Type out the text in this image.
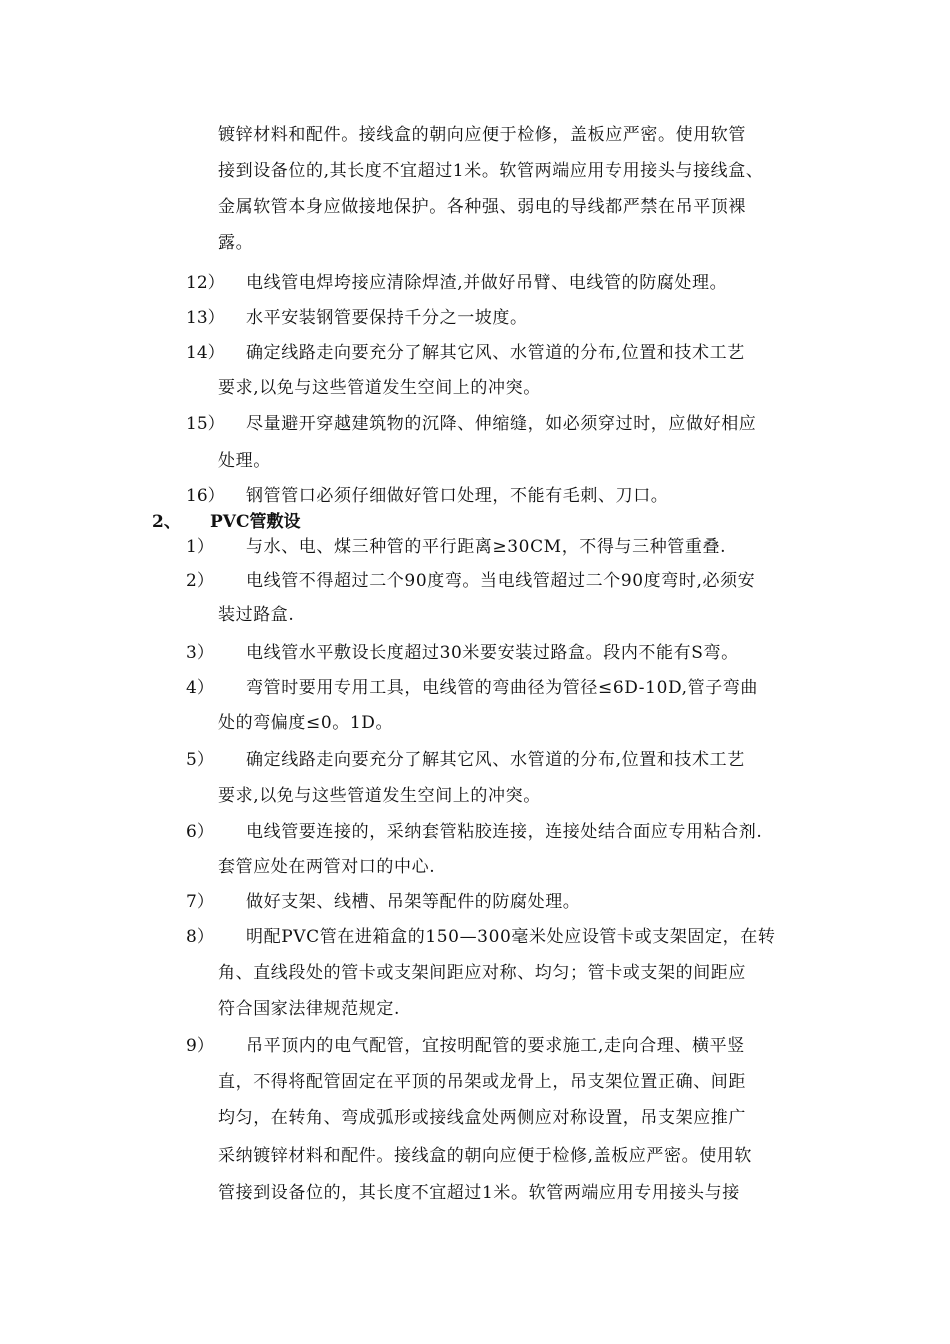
镀锌材料和配件。接线盒的朝向应便于检修，盖板应严密。使用软管
接到设备位的,其长度不宜超过1米。软管两端应用专用接头与接线盒、
金属软管本身应做接地保护。各种强、弱电的导线都严禁在吊平顶裸
露。
12） 电线管电焊垮接应清除焊渣,并做好吊臂、电线管的防腐处理。
13） 水平安装钢管要保持千分之一坡度。
14） 确定线路走向要充分了解其它风、水管道的分布,位置和技术工艺
要求,以免与这些管道发生空间上的冲突。
15） 尽量避开穿越建筑物的沉降、伸缩缝，如必须穿过时，应做好相应
处理。
16） 钢管管口必须仔细做好管口处理，不能有毛刺、刀口。
2、 PVC管敷设
1） 与水、电、煤三种管的平行距离≥30CM，不得与三种管重叠.
2） 电线管不得超过二个90度弯。当电线管超过二个90度弯时,必须安
装过路盒.
3） 电线管水平敷设长度超过30米要安装过路盒。段内不能有S弯。
4） 弯管时要用专用工具，电线管的弯曲径为管径≤6D-10D,管子弯曲
处的弯偏度≤0。1D。
5） 确定线路走向要充分了解其它风、水管道的分布,位置和技术工艺
要求,以免与这些管道发生空间上的冲突。
6） 电线管要连接的，采纳套管粘胶连接，连接处结合面应专用粘合剂.
套管应处在两管对口的中心.
7） 做好支架、线槽、吊架等配件的防腐处理。
8） 明配PVC管在进箱盒的150—300毫米处应设管卡或支架固定，在转
角、直线段处的管卡或支架间距应对称、均匀；管卡或支架的间距应
符合国家法律规范规定.
9） 吊平顶内的电气配管，宜按明配管的要求施工,走向合理、横平竖
直，不得将配管固定在平顶的吊架或龙骨上，吊支架位置正确、间距
均匀，在转角、弯成弧形或接线盒处两侧应对称设置，吊支架应推广
采纳镀锌材料和配件。接线盒的朝向应便于检修,盖板应严密。使用软
管接到设备位的，其长度不宜超过1米。软管两端应用专用接头与接
